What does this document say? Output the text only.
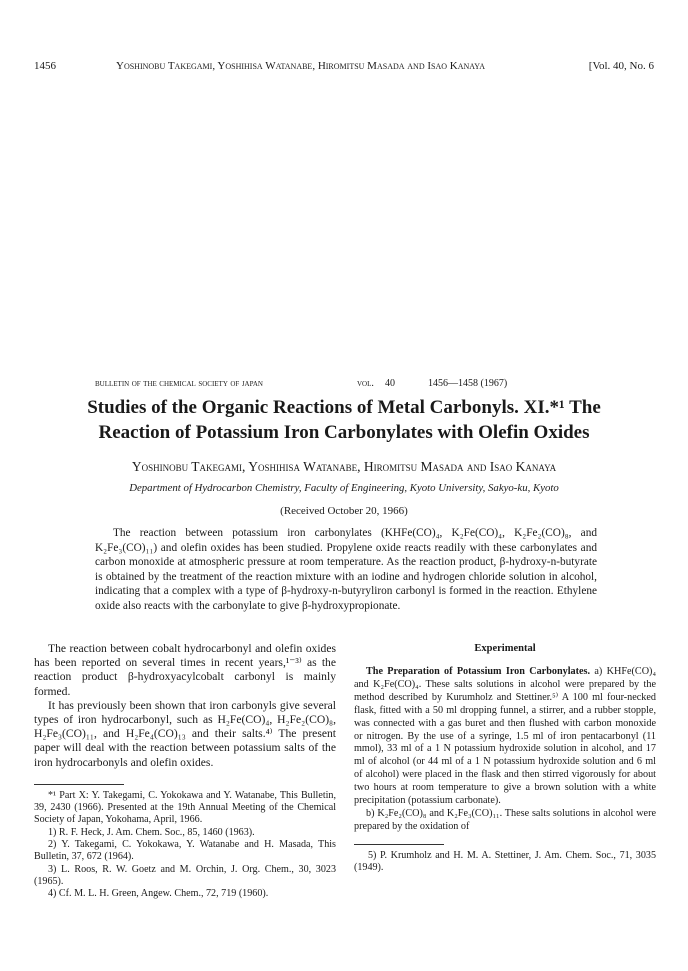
1456	Yoshinobu Takegami, Yoshihisa Watanabe, Hiromitsu Masada and Isao Kanaya	[Vol. 40, No. 6
bulletin of the chemical society of japan	vol. 40	1456—1458 (1967)
Studies of the Organic Reactions of Metal Carbonyls. XI.*¹ The
Reaction of Potassium Iron Carbonylates with Olefin Oxides
Yoshinobu Takegami, Yoshihisa Watanabe, Hiromitsu Masada and Isao Kanaya
Department of Hydrocarbon Chemistry, Faculty of Engineering, Kyoto University, Sakyo-ku, Kyoto
(Received October 20, 1966)

The reaction between potassium iron carbonylates (KHFe(CO)₄, K₂Fe(CO)₄, K₂Fe₂(CO)₈, and K₂Fe₃(CO)₁₁) and olefin oxides has been studied. Propylene oxide reacts readily with these carbonylates and carbon monoxide at atmospheric pressure at room temperature. As the reaction product, β-hydroxy-n-butyrate is obtained by the treatment of the reaction mixture with an iodine and hydrogen chloride solution in alcohol, indicating that a complex with a type of β-hydroxy-n-butyryliron carbonyl is formed in the reaction. Ethylene oxide also reacts with the carbonylate to give β-hydroxypropionate.

The reaction between cobalt hydrocarbonyl and olefin oxides has been reported on several times in recent years,¹⁻³⁾ as the reaction product β-hydroxyacylcobalt carbonyl is mainly formed.

It has previously been shown that iron carbonyls give several types of iron hydrocarbonyl, such as H₂Fe(CO)₄, H₂Fe₂(CO)₈, H₂Fe₃(CO)₁₁, and H₂Fe₄(CO)₁₃ and their salts.⁴⁾ The present paper will deal with the reaction between potassium salts of the iron hydrocarbonyls and olefin oxides.

*¹ Part X: Y. Takegami, C. Yokokawa and Y. Watanabe, This Bulletin, 39, 2430 (1966). Presented at the 19th Annual Meeting of the Chemical Society of Japan, Yokohama, April, 1966.

1) R. F. Heck, J. Am. Chem. Soc., 85, 1460 (1963).

2) Y. Takegami, C. Yokokawa, Y. Watanabe and H. Masada, This Bulletin, 37, 672 (1964).

3) L. Roos, R. W. Goetz and M. Orchin, J. Org. Chem., 30, 3023 (1965).

4) Cf. M. L. H. Green, Angew. Chem., 72, 719 (1960).

Experimental

The Preparation of Potassium Iron Carbonylates. a) KHFe(CO)₄ and K₂Fe(CO)₄. These salts solutions in alcohol were prepared by the method described by Kurumholz and Stettiner.⁵⁾ A 100 ml four-necked flask, fitted with a 50 ml dropping funnel, a stirrer, and a rubber stopple, was connected with a gas buret and then flushed with carbon monoxide or nitrogen. By the use of a syringe, 1.5 ml of iron pentacarbonyl (11 mmol), 33 ml of a 1 N potassium hydroxide solution in alcohol, and 17 ml of alcohol (or 44 ml of a 1 N potassium hydroxide solution and 6 ml of alcohol) were placed in the flask and then stirred vigorously for about two hours at room temperature to give a brown solution with a white precipitation (potassium carbonate).

b) K₂Fe₂(CO)₈ and K₂Fe₃(CO)₁₁. These salts solutions in alcohol were prepared by the oxidation of

5) P. Krumholz and H. M. A. Stettiner, J. Am. Chem. Soc., 71, 3035 (1949).
